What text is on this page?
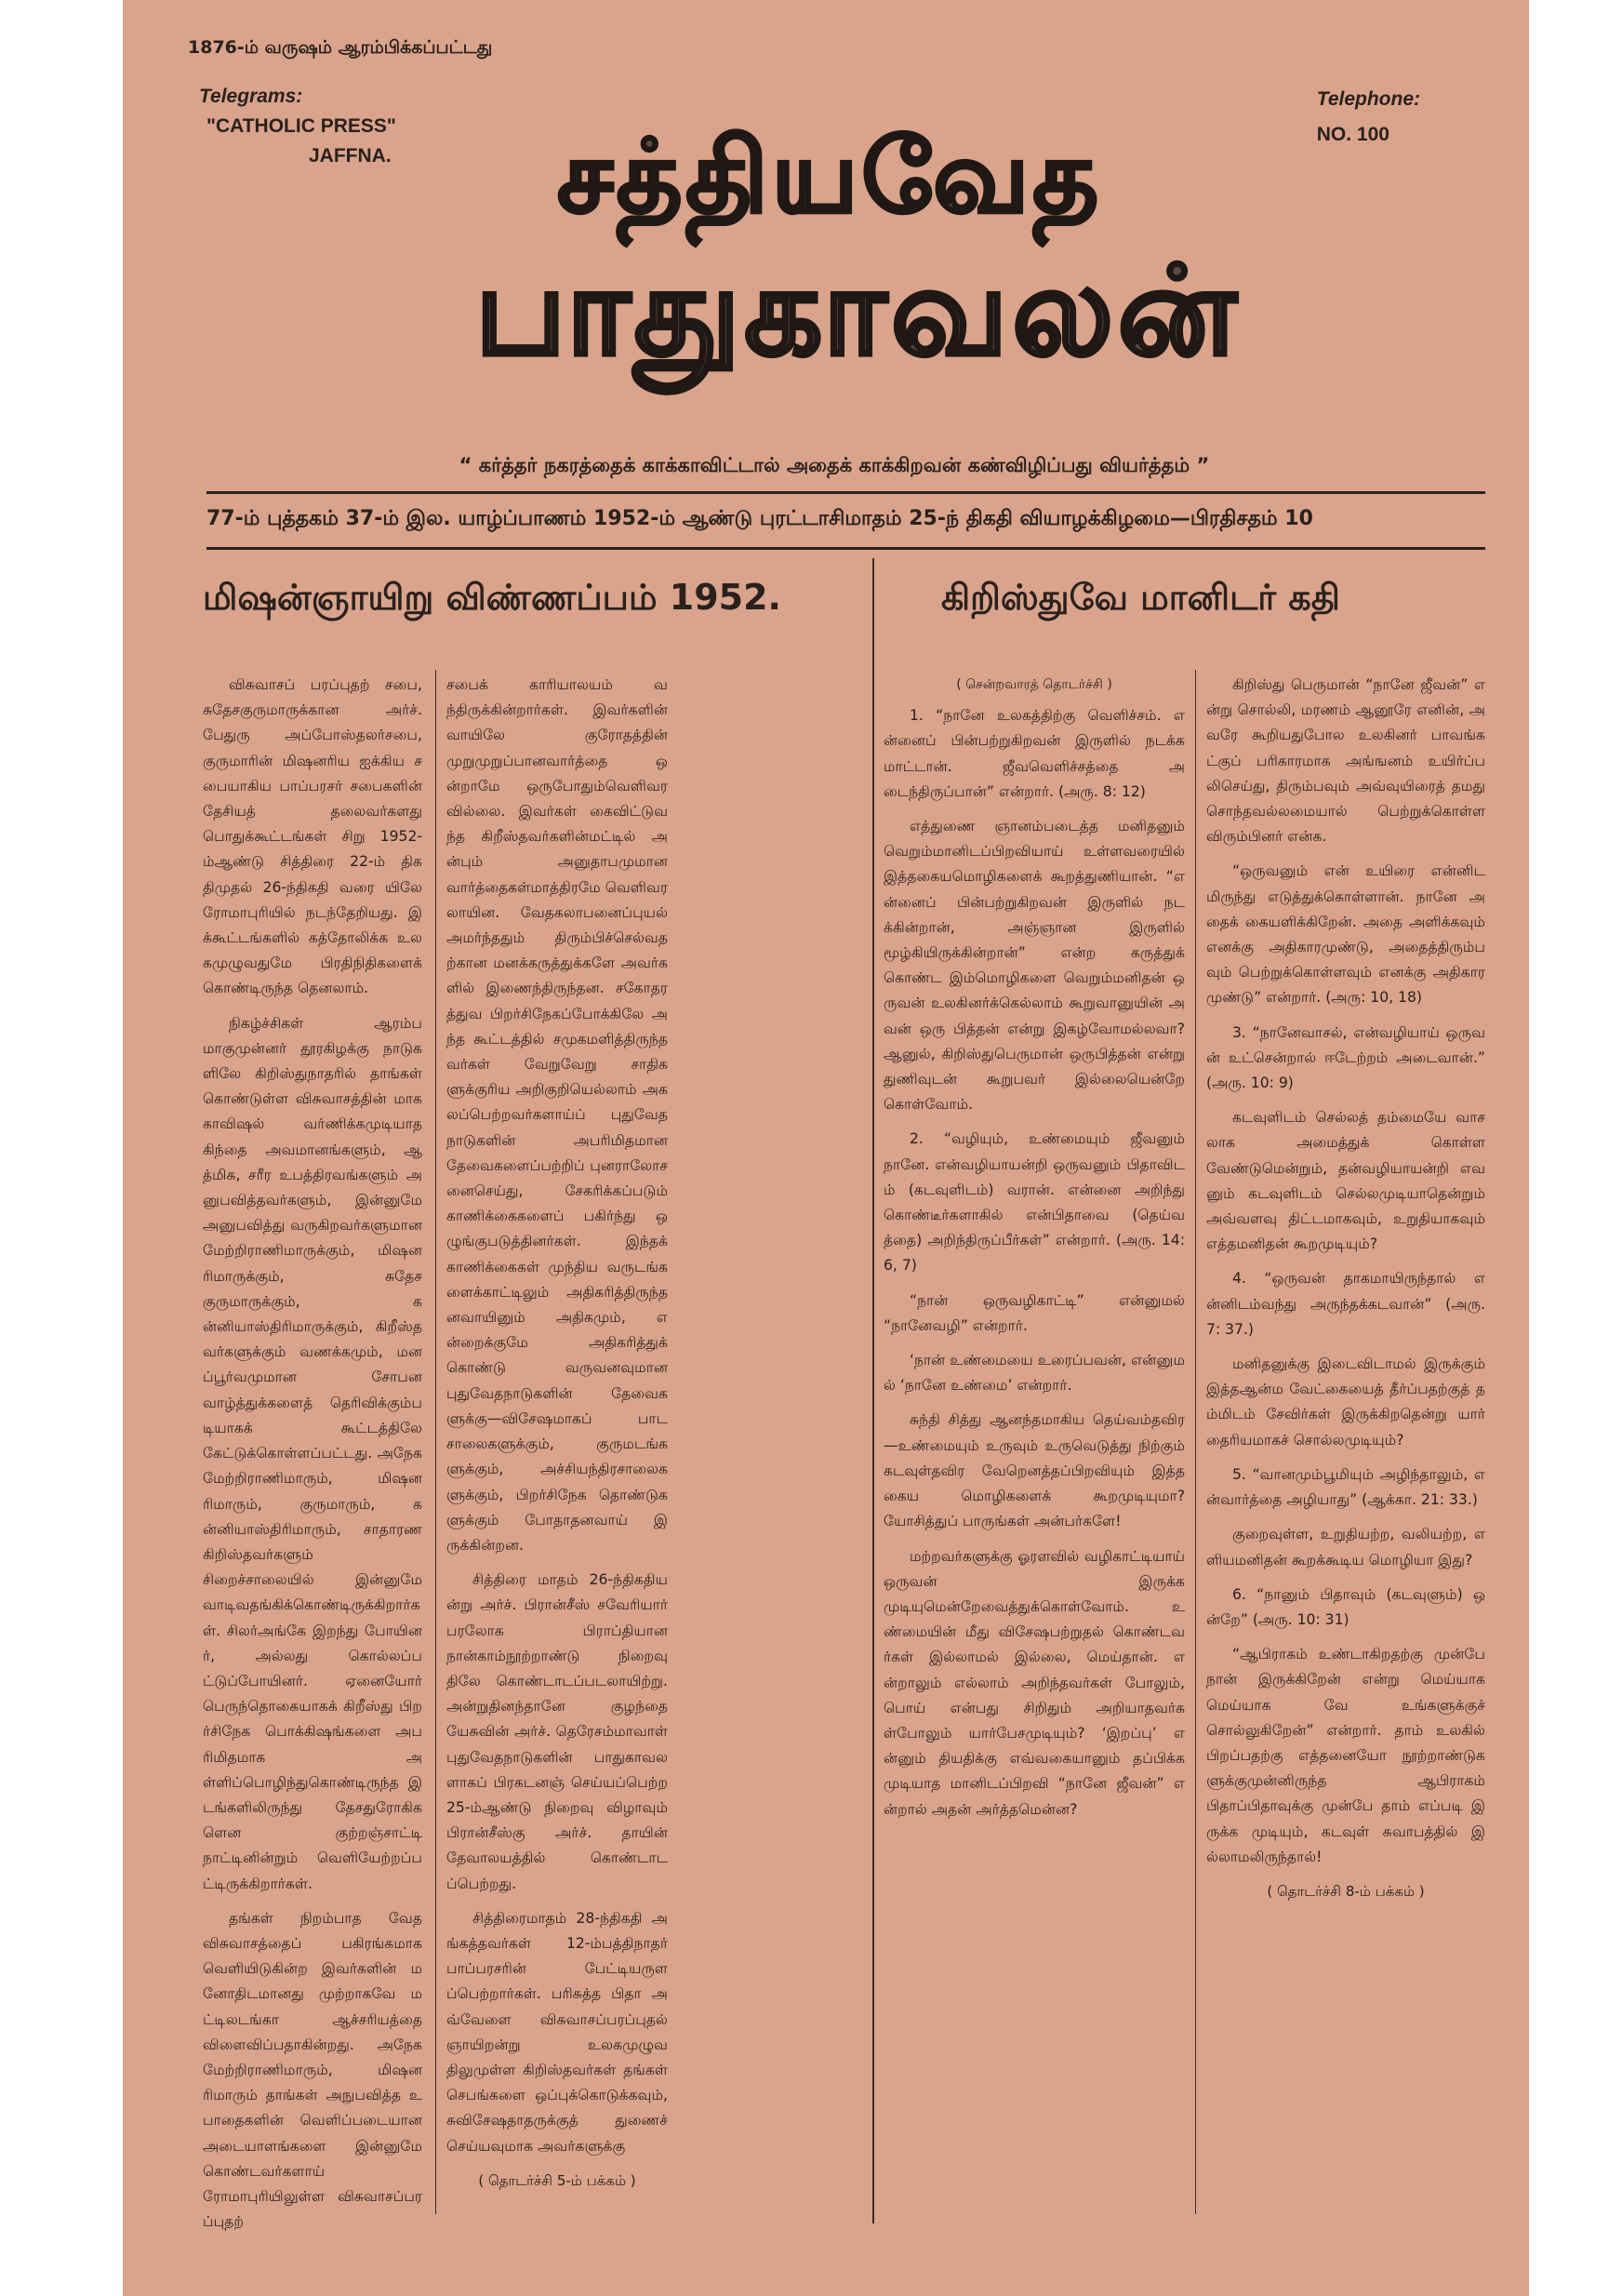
1876-ம் வருஷம் ஆரம்பிக்கப்பட்டது
Telegrams:
"CATHOLIC PRESS"
JAFFNA.
Telephone:
NO. 100
சத்தியவேத
பாதுகாவலன்
“ கர்த்தர் நகரத்தைக் காக்காவிட்டால் அதைக் காக்கிறவன் கண்விழிப்பது வியர்த்தம் ”
77-ம் புத்தகம் 37-ம் இல. யாழ்ப்பாணம் 1952-ம் ஆண்டு புரட்டாசிமாதம் 25-ந் திகதி வியாழக்கிழமை—பிரதிசதம் 10
மிஷன்ஞாயிறு விண்ணப்பம் 1952.

விசுவாசப் பரப்புதற் சபை, சுதேசகுருமாருக்கான அர்ச். பேதுரு அப்போஸ்தலர்சபை, குருமாரின் மிஷனரிய ஐக்கிய சபையாகிய பாப்பரசர் சபைகளின் தேசியத் தலைவர்களது பொதுக்கூட்டங்கள் சிறு 1952-ம்ஆண்டு சித்திரை 22-ம் திகதிமுதல் 26-ந்திகதி வரை யிலே ரோமாபுரியில் நடந்தேறியது. இக்கூட்டங்களில் கத்தோலிக்க உலகமுழுவதுமே பிரதிநிதிகளைக் கொண்டிருந்த தெனலாம்.

நிகழ்ச்சிகள் ஆரம்பமாகுமுன்னர் தூரகிழக்கு நாடுகளிலே கிறிஸ்துநாதரில் தாங்கள் கொண்டுள்ள விசுவாசத்தின் மாக காவிஷல் வர்ணிக்கமுடியாத கிந்தை அவமானங்களும், ஆத்மிக, சரீர உபத்திரவங்களும் அனுபவித்தவர்களும், இன்னுமே அனுபவித்து வருகிறவர்களுமான மேற்றிராணிமாருக்கும், மிஷனரிமாருக்கும், சுதேசகுருமாருக்கும், கன்னியாஸ்திரிமாருக்கும், கிறீஸ்தவர்களுக்கும் வணக்கமும், மனப்பூர்வமுமான சோபனவாழ்த்துக்களைத் தெரிவிக்கும்படியாகக் கூட்டத்திலே கேட்டுக்கொள்ளப்பட்டது. அநேக மேற்றிராணிமாரும், மிஷனரிமாரும், குருமாரும், கன்னியாஸ்திரிமாரும், சாதாரணகிறிஸ்தவர்களும் சிறைச்சாலையில் இன்னுமே வாடிவதங்கிக்கொண்டிருக்கிறார்கள். சிலர்அங்கே இறந்து போயினர், அல்லது கொல்லப்பட்டுப்போயினர். ஏனையோர் பெருந்தொகையாகக் கிறீஸ்து பிறர்சிநேக பொக்கிஷங்களை அபரிமிதமாக அள்ளிப்பொழிந்துகொண்டிருந்த இடங்களிலிருந்து தேசதுரோகிகளென குற்றஞ்சாட்டி நாட்டினின்றும் வெளியேற்றப்பட்டிருக்கிறார்கள்.

தங்கள் நிறம்பாத வேதவிசுவாசத்தைப் பகிரங்கமாகவெளியிடுகின்ற இவர்களின் மனோதிடமானது முற்றாகவே மட்டிலடங்கா ஆச்சரியத்தை விளைவிப்பதாகின்றது. அநேக மேற்றிராணிமாரும், மிஷனரிமாரும் தாங்கள் அநுபவித்த உபாதைகளின் வெளிப்படையான அடையாளங்களை இன்னுமே கொண்டவர்களாய் ரோமாபுரியிலுள்ள விசுவாசப்பரப்புதற்

சபைக் காரியாலயம் வந்திருக்கின்றார்கள். இவர்களின் வாயிலே குரோதத்தின் முறுமுறுப்பானவார்த்தை ஒன்றாமே ஒருபோதும்வெளிவரவில்லை. இவர்கள் கைவிட்டுவந்த கிறீஸ்தவர்களின்மட்டில் அன்பும் அனுதாபமுமான வார்த்தைகள்மாத்திரமே வெளிவரலாயின. வேதகலாபனைப்புயல் அமர்ந்ததும் திரும்பிச்செல்வதற்கான மனக்கருத்துக்களே அவர்களில் இணைந்திருந்தன. சகோதரத்துவ பிறர்சிநேகப்போக்கிலே அந்த கூட்டத்தில் சமுகமளித்திருந்தவர்கள் வேறுவேறு சாதிகளுக்குரிய அறிகுறியெல்லாம் அகலப்பெற்றவர்களாய்ப் புதுவேதநாடுகளின் அபரிமிதமான தேவைகளைப்பற்றிப் புனராலோசனைசெய்து, சேகரிக்கப்படும் காணிக்கைகளைப் பகிர்ந்து ஒழுங்குபடுத்தினர்கள். இந்தக் காணிக்கைகள் முந்திய வருடங்களைக்காட்டிலும் அதிகரித்திருந்தனவாயினும் அதிகமும், என்றைக்குமே அதிகரித்துக் கொண்டு வருவனவுமான புதுவேதநாடுகளின் தேவைகளுக்கு—விசேஷமாகப் பாடசாலைகளுக்கும், குருமடங்களுக்கும், அச்சியந்திரசாலைகளுக்கும், பிறர்சிநேக தொண்டுகளுக்கும் போதாதனவாய் இருக்கின்றன.

சித்திரை மாதம் 26-ந்திகதியன்று அர்ச். பிரான்சீஸ் சவேரியார் பரலோக பிராப்தியான நான்காம்நூற்றாண்டு நிறைவு திலே கொண்டாடப்படலாயிற்று. அன்றுதினந்தானே குழந்தை யேசுவின் அர்ச். தெரேசம்மாவாள் புதுவேதநாடுகளின் பாதுகாவலளாகப் பிரகடனஞ் செய்யப்பெற்ற 25-ம்ஆண்டு நிறைவு விழாவும் பிரான்சீஸ்கு அர்ச். தாயின் தேவாலயத்தில் கொண்டாடப்பெற்றது.

சித்திரைமாதம் 28-ந்திகதி அங்கத்தவர்கள் 12-ம்பத்திநாதர் பாப்பரசரின் பேட்டியருளப்பெற்றார்கள். பரிசுத்த பிதா அவ்வேளை விசுவாசப்பரப்புதல் ஞாயிறன்று உலகமுழுவதிலுமுள்ள கிறிஸ்தவர்கள் தங்கள் செபங்களை ஒப்புக்கொடுக்கவும், சுவிசேஷதாதருக்குத் துணைச் செய்யவுமாக அவர்களுக்கு

( தொடர்ச்சி 5-ம் பக்கம் )

கிறிஸ்துவே மானிடர் கதி

( சென்றவாரத் தொடர்ச்சி )

1. “நானே உலகத்திற்கு வெளிச்சம். என்னைப் பின்பற்றுகிறவன் இருளில் நடக்கமாட்டான். ஜீவவெளிச்சத்தை அடைந்திருப்பான்” என்றார். (அரு. 8: 12)

எத்துணை ஞானம்படைத்த மனிதனும் வெறும்மானிடப்பிறவியாய் உள்ளவரையில் இத்தகையமொழிகளைக் கூறத்துணியான். “என்னைப் பின்பற்றுகிறவன் இருளில் நடக்கின்றான், அஞ்ஞான இருளில் மூழ்கியிருக்கின்றான்” என்ற கருத்துக் கொண்ட இம்மொழிகளை வெறும்மனிதன் ஒருவன் உலகினர்க்கெல்லாம் கூறுவானுயின் அவன் ஒரு பித்தன் என்று இகழ்வோமல்லவா? ஆனுல், கிறிஸ்துபெருமான் ஒருபித்தன் என்று துணிவுடன் கூறுபவர் இல்லையென்றே கொள்வோம்.

2. “வழியும், உண்மையும் ஜீவனும் நானே. என்வழியாயன்றி ஒருவனும் பிதாவிடம் (கடவுளிடம்) வரான். என்னை அறிந்து கொண்டீர்களாகில் என்பிதாவை (தெய்வத்தை) அறிந்திருப்பீர்கள்” என்றார். (அரு. 14: 6, 7)

“நான் ஒருவழிகாட்டி” என்னுமல் “நானேவழி” என்றார்.

‘நான் உண்மையை உரைப்பவன், என்னுமல் ‘நானே உண்மை’ என்றார்.

சுந்தி சித்து ஆனந்தமாகிய தெய்வம்தவிர—உண்மையும் உருவும் உருவெடுத்து நிற்கும் கடவுள்தவிர வேறெனத்தப்பிறவியும் இத்தகைய மொழிகளைக் கூறமுடியுமா? யோசித்துப் பாருங்கள் அன்பர்களே!

மற்றவர்களுக்கு ஓரளவில் வழிகாட்டியாய் ஒருவன் இருக்க முடியுமென்றேவைத்துக்கொள்வோம். உண்மையின் மீது விசேஷபற்றுதல் கொண்டவர்கள் இல்லாமல் இல்லை, மெய்தான். என்றாலும் எல்லாம் அறிந்தவர்கள் போலும், பொய் என்பது சிறிதும் அறியாதவர்கள்போலும் யார்பேசமுடியும்? ‘இறப்பு’ என்னும் தியதிக்கு எவ்வகையானும் தப்பிக்கமுடியாத மானிடப்பிறவி “நானே ஜீவன்” என்றால் அதன் அர்த்தமென்ன?

கிறிஸ்து பெருமான் “நானே ஜீவன்” என்று சொல்லி, மரணம் ஆனூரே எனின், அவரே கூறியதுபோல உலகினர் பாவங்கட்குப் பரிகாரமாக அங்ஙனம் உயிர்ப்பலிசெய்து, திரும்பவும் அவ்வுயிரைத் தமது சொந்தவல்லமையால் பெற்றுக்கொள்ள விரும்பினர் என்க.

“ஒருவனும் என் உயிரை என்னிடமிருந்து எடுத்துக்கொள்ளான். நானே அதைக் கையளிக்கிறேன். அதை அளிக்கவும் எனக்கு அதிகாரமுண்டு, அதைத்திரும்பவும் பெற்றுக்கொள்ளவும் எனக்கு அதிகாரமுண்டு” என்றார். (அரு: 10, 18)

3. “நானேவாசல், என்வழியாய் ஒருவன் உட்சென்றால் ஈடேற்றம் அடைவான்.” (அரு. 10: 9)

கடவுளிடம் செல்லத் தம்மையே வாசலாக அமைத்துக் கொள்ள வேண்டுமென்றும், தன்வழியாயன்றி எவனும் கடவுளிடம் செல்லமுடியாதென்றும் அவ்வளவு திட்டமாகவும், உறுதியாகவும் எத்தமனிதன் கூறமுடியும்?

4. “ஒருவன் தாகமாயிருந்தால் என்னிடம்வந்து அருந்தக்கடவான்” (அரு. 7: 37.)

மனிதனுக்கு இடைவிடாமல் இருக்கும் இத்தஆன்ம வேட்கையைத் தீர்ப்பதற்குத் தம்மிடம் சேவிர்கள் இருக்கிறதென்று யார் தைரியமாகச் சொல்லமுடியும்?

5. “வானமும்பூமியும் அழிந்தாலும், என்வார்த்தை அழியாது” (ஆக்கா. 21: 33.)

குறைவுள்ள, உறுதியற்ற, வலியற்ற, எளியமனிதன் கூறக்கூடிய மொழியா இது?

6. “நானும் பிதாவும் (கடவுளும்) ஒன்றே” (அரு. 10: 31)

“ஆபிராகம் உண்டாகிறதற்கு முன்பே நான் இருக்கிறேன் என்று மெய்யாக மெய்யாக வே உங்களுக்குச் சொல்லுகிறேன்” என்றார். தாம் உலகில் பிறப்பதற்கு எத்தனையோ நூற்றாண்டுகளுக்குமுன்னிருந்த ஆபிராகம் பிதாப்பிதாவுக்கு முன்பே தாம் எப்படி இருக்க முடியும், கடவுள் சுவாபத்தில் இல்லாமலிருந்தால்!

( தொடர்ச்சி 8-ம் பக்கம் )
